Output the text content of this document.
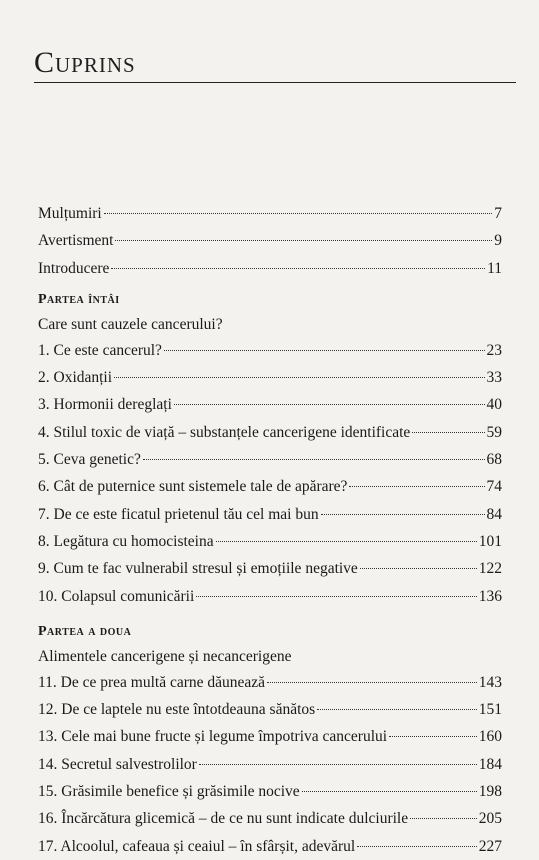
Cuprins
Mulțumiri	7
Avertisment	9
Introducere	11
Partea întâi
Care sunt cauzele cancerului?
1. Ce este cancerul?	23
2. Oxidanții	33
3. Hormonii dereglați	40
4. Stilul toxic de viață – substanțele cancerigene identificate	59
5. Ceva genetic?	68
6. Cât de puternice sunt sistemele tale de apărare?	74
7. De ce este ficatul prietenul tău cel mai bun	84
8. Legătura cu homocisteina	101
9. Cum te fac vulnerabil stresul și emoțiile negative	122
10. Colapsul comunicării	136
Partea a doua
Alimentele cancerigene și necancerigene
11. De ce prea multă carne dăunează	143
12. De ce laptele nu este întotdeauna sănătos	151
13. Cele mai bune fructe și legume împotriva cancerului	160
14. Secretul salvestrolilor	184
15. Grăsimile benefice și grăsimile nocive	198
16. Încărcătura glicemică – de ce nu sunt indicate dulciurile	205
17. Alcoolul, cafeaua și ceaiul – în sfârșit, adevărul	227
